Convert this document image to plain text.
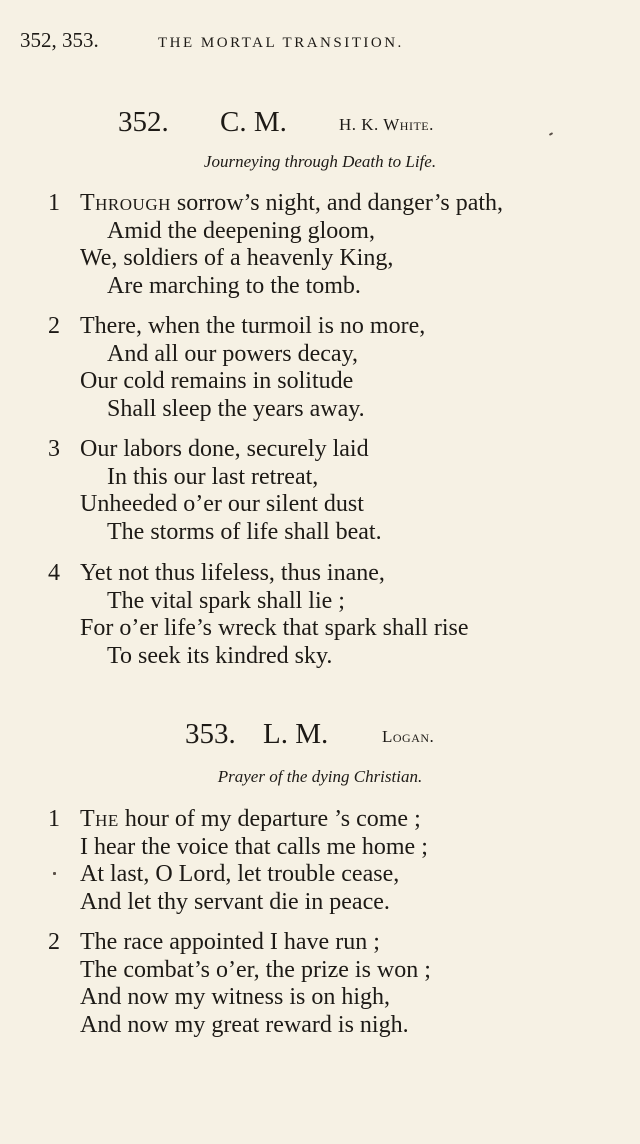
352, 353.	THE MORTAL TRANSITION.
352. C. M.	H. K. White.
Journeying through Death to Life.
1 Through sorrow’s night, and danger’s path,
Amid the deepening gloom,
We, soldiers of a heavenly King,
Are marching to the tomb.
2 There, when the turmoil is no more,
And all our powers decay,
Our cold remains in solitude
Shall sleep the years away.
3 Our labors done, securely laid
In this our last retreat,
Unheeded o’er our silent dust
The storms of life shall beat.
4 Yet not thus lifeless, thus inane,
The vital spark shall lie ;
For o’er life’s wreck that spark shall rise
To seek its kindred sky.
353. L. M.	Logan.
Prayer of the dying Christian.
1 The hour of my departure ’s come ;
I hear the voice that calls me home ;
At last, O Lord, let trouble cease,
And let thy servant die in peace.
2 The race appointed I have run ;
The combat’s o’er, the prize is won ;
And now my witness is on high,
And now my great reward is nigh.
